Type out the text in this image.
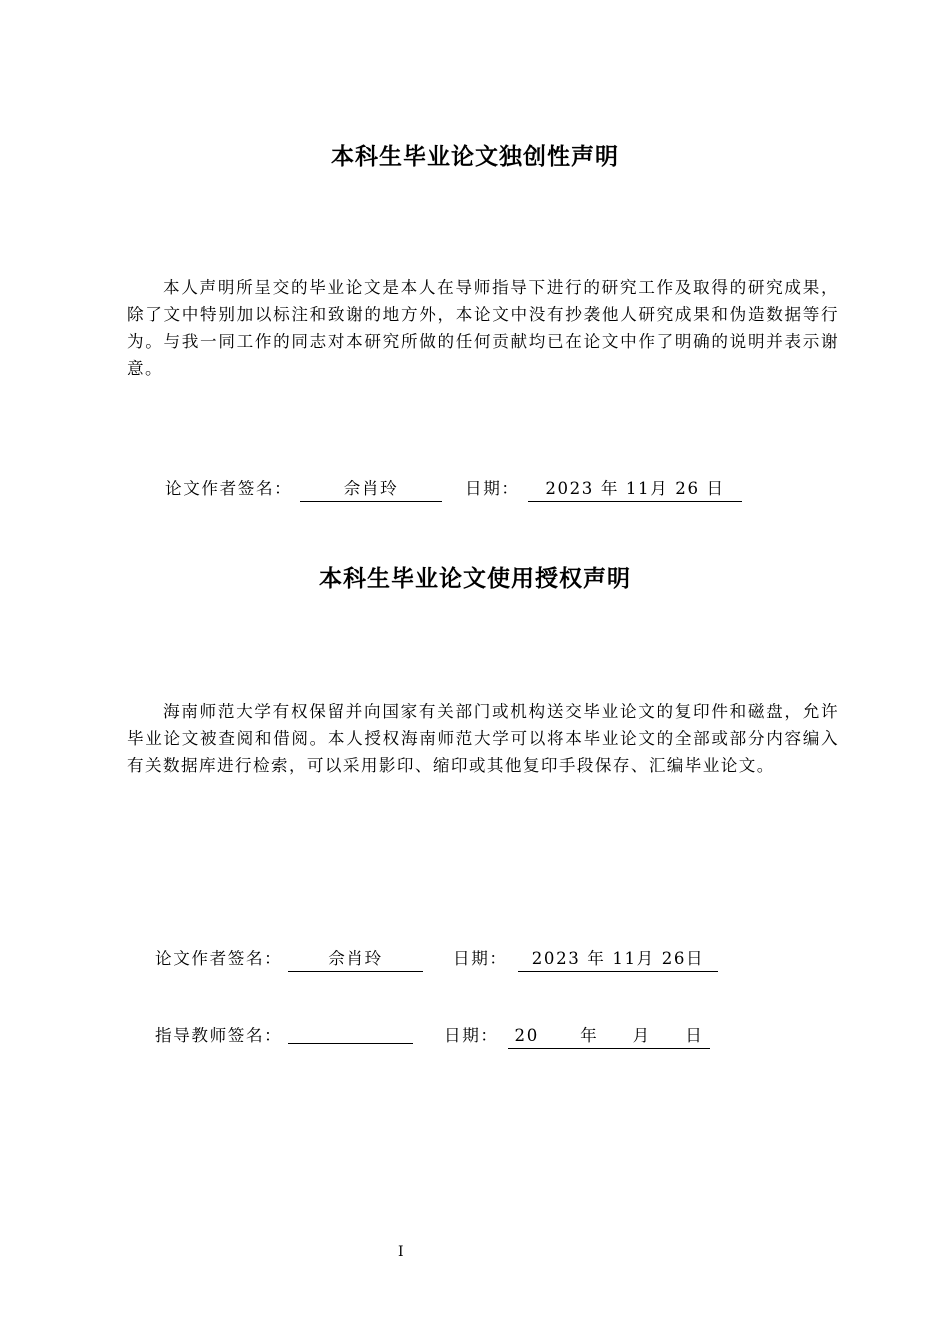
本科生毕业论文独创性声明

本人声明所呈交的毕业论文是本人在导师指导下进行的研究工作及取得的研究成果，除了文中特别加以标注和致谢的地方外，本论文中没有抄袭他人研究成果和伪造数据等行为。与我一同工作的同志对本研究所做的任何贡献均已在论文中作了明确的说明并表示谢意。

论文作者签名：	佘肖玲	日期：	2023 年 11月 26 日
本科生毕业论文使用授权声明

海南师范大学有权保留并向国家有关部门或机构送交毕业论文的复印件和磁盘，允许毕业论文被查阅和借阅。本人授权海南师范大学可以将本毕业论文的全部或部分内容编入有关数据库进行检索，可以采用影印、缩印或其他复印手段保存、汇编毕业论文。

论文作者签名：	佘肖玲	日期：	2023 年 11月 26日
指导教师签名：	日期： 20      年     月     日
I
